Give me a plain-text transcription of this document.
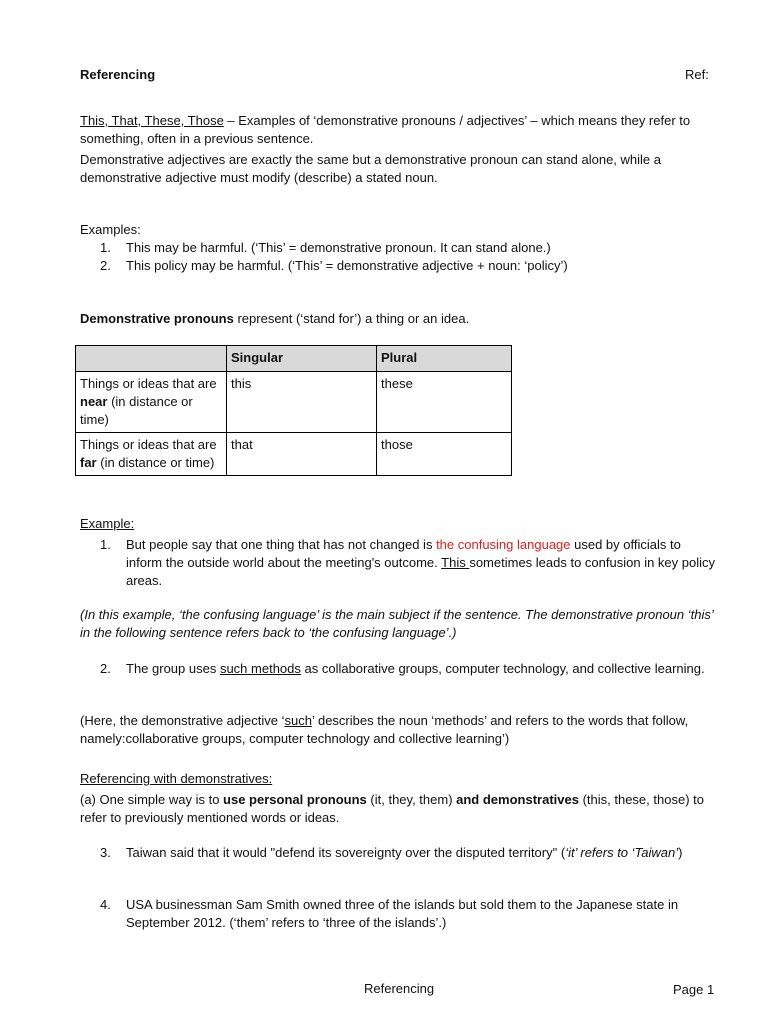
Referencing	Ref:

This, That, These, Those – Examples of ‘demonstrative pronouns / adjectives’ – which means they refer to something, often in a previous sentence.

Demonstrative adjectives are exactly the same but a demonstrative pronoun can stand alone, while a demonstrative adjective must modify (describe) a stated noun.

Examples:
1.	This may be harmful. (‘This’ = demonstrative pronoun. It can stand alone.)
2.	This policy may be harmful. (‘This’ = demonstrative adjective + noun: ‘policy’)

Demonstrative pronouns represent (‘stand for’) a thing or an idea.

	Singular	Plural
Things or ideas that are near (in distance or time)	this	these
Things or ideas that are far (in distance or time)	that	those
Example:
1.	But people say that one thing that has not changed is the confusing language used by officials to inform the outside world about the meeting's outcome. This sometimes leads to confusion in key policy areas.

(In this example, ‘the confusing language’ is the main subject if the sentence. The demonstrative pronoun ‘this’ in the following sentence refers back to ‘the confusing language’.)

2.	The group uses such methods as collaborative groups, computer technology, and collective learning.

(Here, the demonstrative adjective ‘such’ describes the noun ‘methods’ and refers to the words that follow, namely:collaborative groups, computer technology and collective learning’)

Referencing with demonstratives:

(a) One simple way is to use personal pronouns (it, they, them) and demonstratives (this, these, those) to refer to previously mentioned words or ideas.

3.	Taiwan said that it would "defend its sovereignty over the disputed territory" (‘it’ refers to ‘Taiwan’)
4.	USA businessman Sam Smith owned three of the islands but sold them to the Japanese state in September 2012. (‘them’ refers to ‘three of the islands’.)
Referencing	Page 1
